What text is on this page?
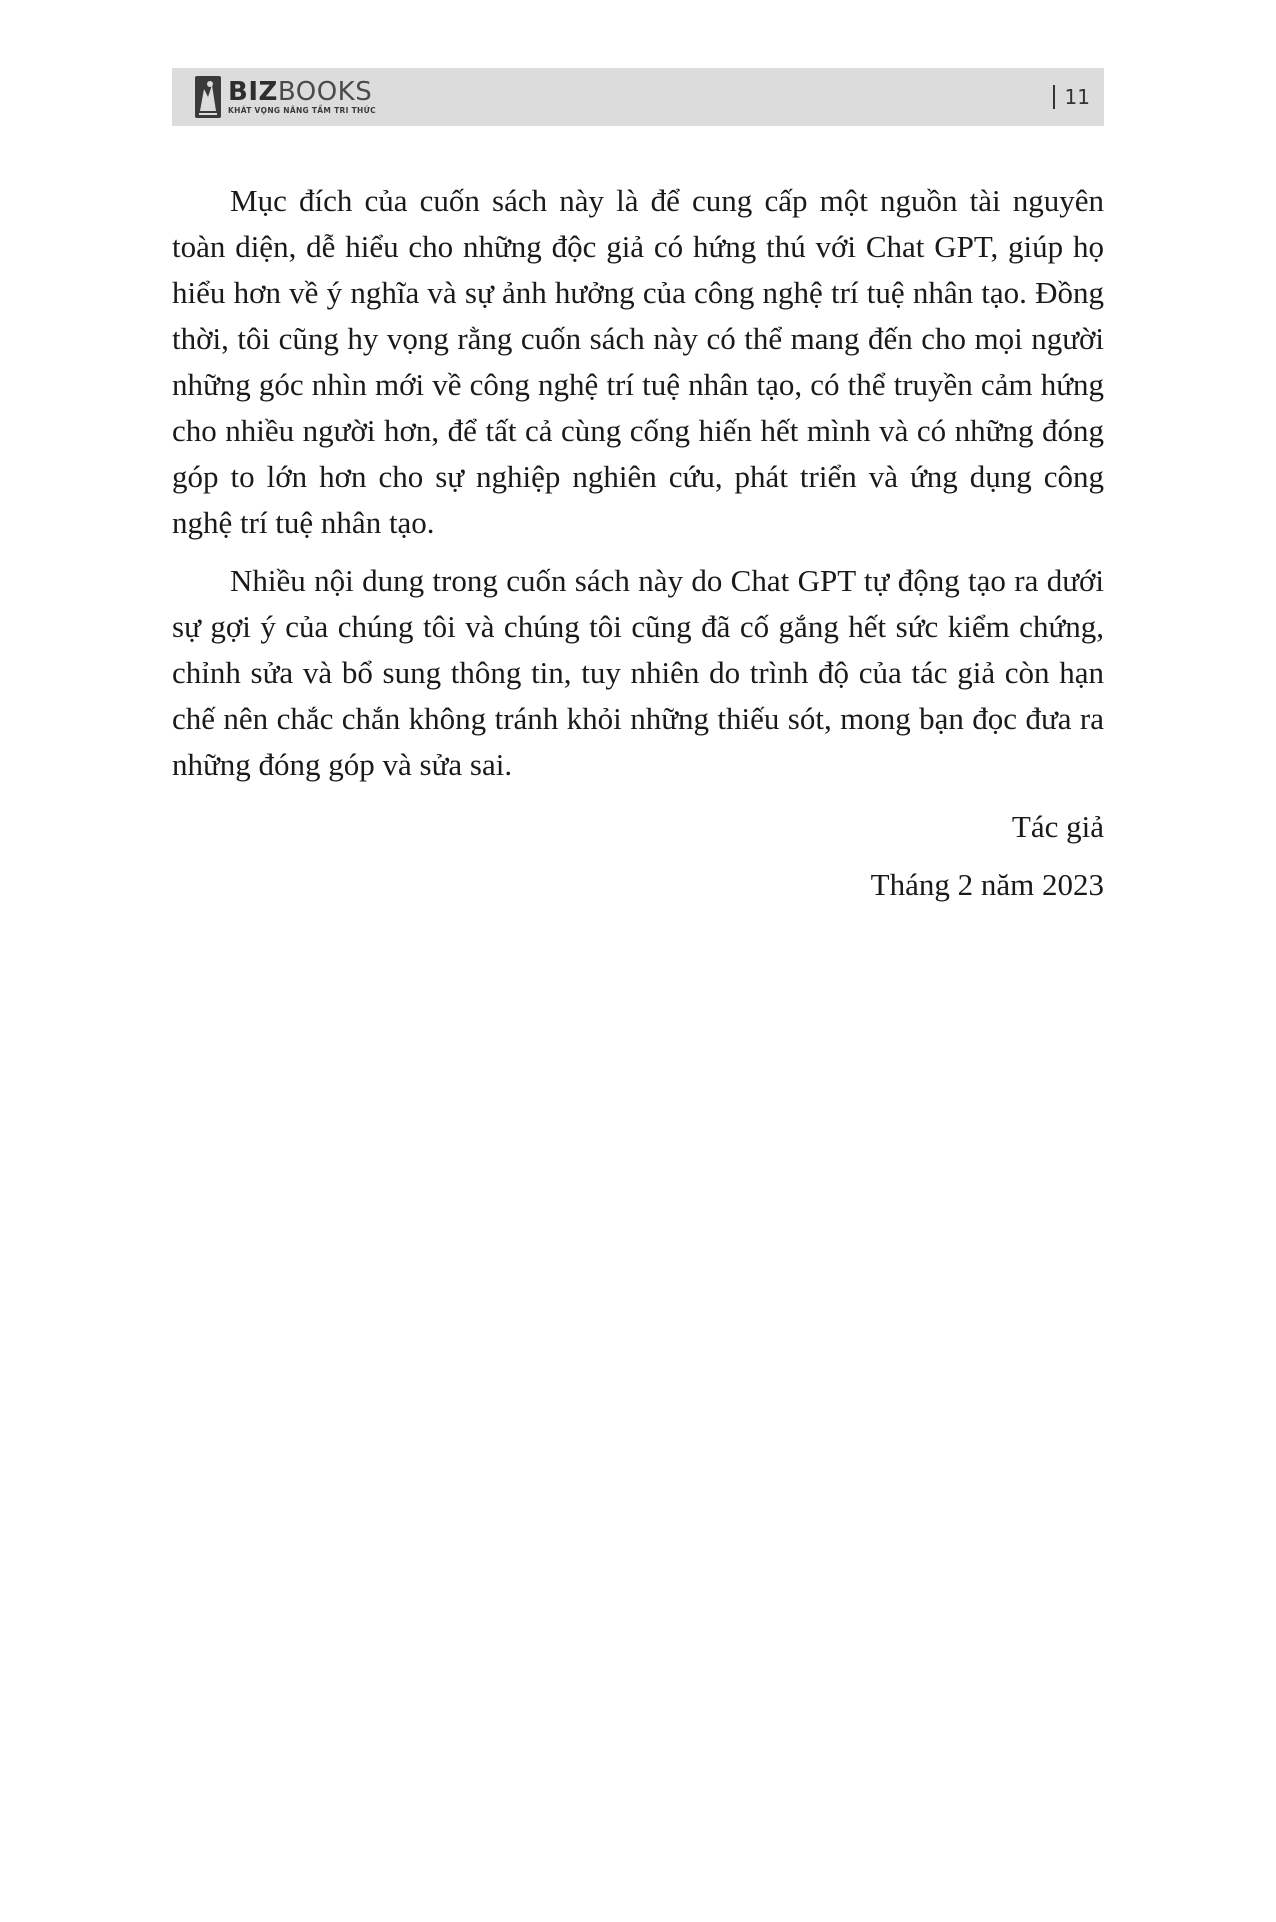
BIZBOOKS
KHÁT VỌNG NÂNG TẦM TRI THỨC
11

Mục đích của cuốn sách này là để cung cấp một nguồn tài nguyên toàn diện, dễ hiểu cho những độc giả có hứng thú với Chat GPT, giúp họ hiểu hơn về ý nghĩa và sự ảnh hưởng của công nghệ trí tuệ nhân tạo. Đồng thời, tôi cũng hy vọng rằng cuốn sách này có thể mang đến cho mọi người những góc nhìn mới về công nghệ trí tuệ nhân tạo, có thể truyền cảm hứng cho nhiều người hơn, để tất cả cùng cống hiến hết mình và có những đóng góp to lớn hơn cho sự nghiệp nghiên cứu, phát triển và ứng dụng công nghệ trí tuệ nhân tạo.

Nhiều nội dung trong cuốn sách này do Chat GPT tự động tạo ra dưới sự gợi ý của chúng tôi và chúng tôi cũng đã cố gắng hết sức kiểm chứng, chỉnh sửa và bổ sung thông tin, tuy nhiên do trình độ của tác giả còn hạn chế nên chắc chắn không tránh khỏi những thiếu sót, mong bạn đọc đưa ra những đóng góp và sửa sai.

Tác giả

Tháng 2 năm 2023
